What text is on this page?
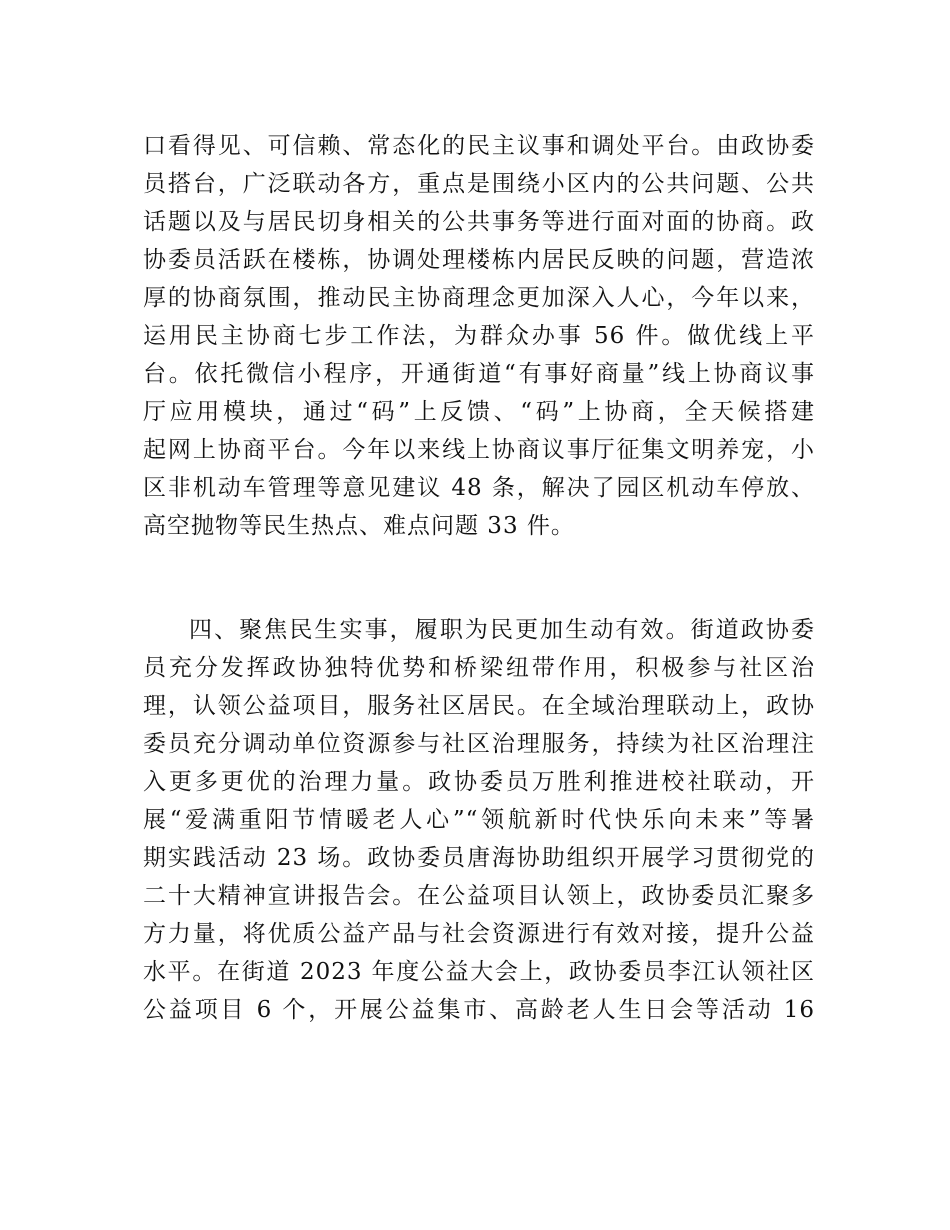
口看得见、可信赖、常态化的民主议事和调处平台。由政协委
员搭台，广泛联动各方，重点是围绕小区内的公共问题、公共
话题以及与居民切身相关的公共事务等进行面对面的协商。政
协委员活跃在楼栋，协调处理楼栋内居民反映的问题，营造浓
厚的协商氛围，推动民主协商理念更加深入人心，今年以来，
运用民主协商七步工作法，为群众办事 56 件。做优线上平
台。依托微信小程序，开通街道“有事好商量”线上协商议事
厅应用模块，通过“码”上反馈、“码”上协商，全天候搭建
起网上协商平台。今年以来线上协商议事厅征集文明养宠，小
区非机动车管理等意见建议 48 条，解决了园区机动车停放、
高空抛物等民生热点、难点问题 33 件。
四、聚焦民生实事，履职为民更加生动有效。街道政协委
员充分发挥政协独特优势和桥梁纽带作用，积极参与社区治
理，认领公益项目，服务社区居民。在全域治理联动上，政协
委员充分调动单位资源参与社区治理服务，持续为社区治理注
入更多更优的治理力量。政协委员万胜利推进校社联动，开
展“爱满重阳节情暖老人心”“领航新时代快乐向未来”等暑
期实践活动 23 场。政协委员唐海协助组织开展学习贯彻党的
二十大精神宣讲报告会。在公益项目认领上，政协委员汇聚多
方力量，将优质公益产品与社会资源进行有效对接，提升公益
水平。在街道 2023 年度公益大会上，政协委员李江认领社区
公益项目 6 个，开展公益集市、高龄老人生日会等活动 16
